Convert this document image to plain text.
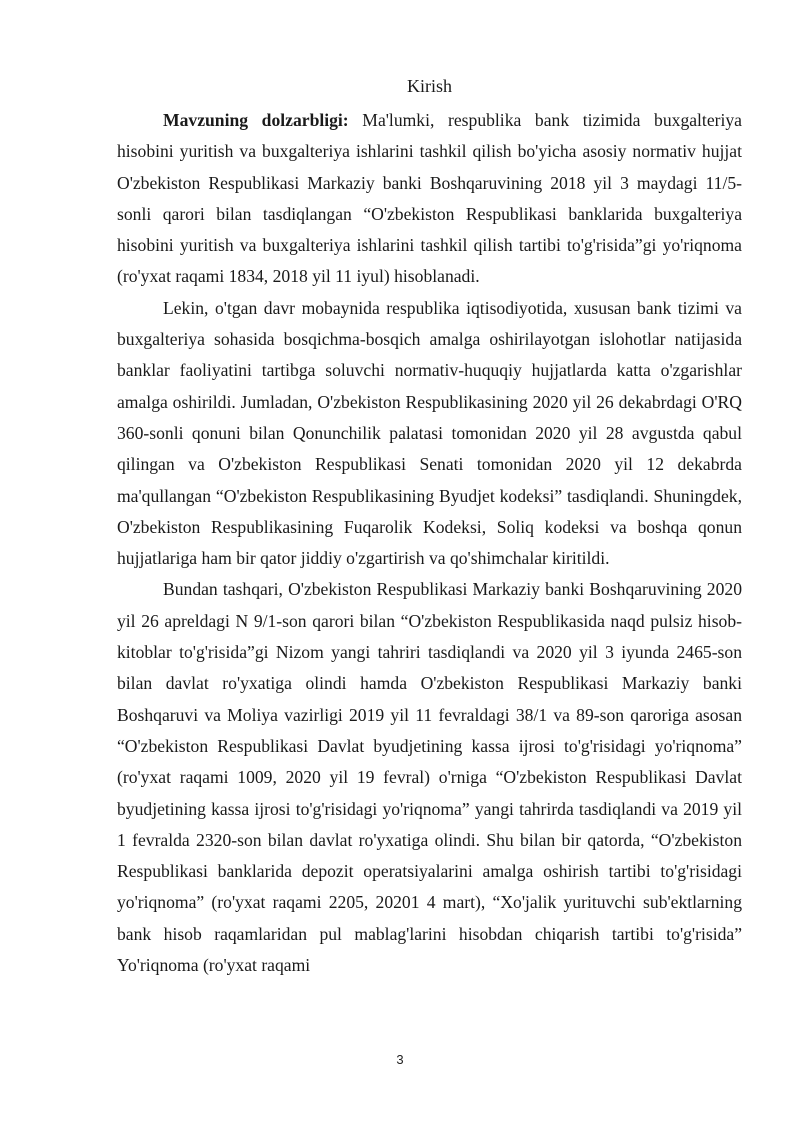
Kirish

Mavzuning dolzarbligi: Ma'lumki, respublika bank tizimida buxgalteriya hisobini yuritish va buxgalteriya ishlarini tashkil qilish bo'yicha asosiy normativ hujjat O'zbekiston Respublikasi Markaziy banki Boshqaruvining 2018 yil 3 maydagi 11/5-sonli qarori bilan tasdiqlangan “O'zbekiston Respublikasi banklarida buxgalteriya hisobini yuritish va buxgalteriya ishlarini tashkil qilish tartibi to'g'risida”gi yo'riqnoma (ro'yxat raqami 1834, 2018 yil 11 iyul) hisoblanadi.

Lekin, o'tgan davr mobaynida respublika iqtisodiyotida, xususan bank tizimi va buxgalteriya sohasida bosqichma-bosqich amalga oshirilayotgan islohotlar natijasida banklar faoliyatini tartibga soluvchi normativ-huquqiy hujjatlarda katta o'zgarishlar amalga oshirildi. Jumladan, O'zbekiston Respublikasining 2020 yil 26 dekabrdagi O'RQ 360-sonli qonuni bilan Qonunchilik palatasi tomonidan 2020 yil 28 avgustda qabul qilingan va O'zbekiston Respublikasi Senati tomonidan 2020 yil 12 dekabrda ma'qullangan “O'zbekiston Respublikasining Byudjet kodeksi” tasdiqlandi. Shuningdek, O'zbekiston Respublikasining Fuqarolik Kodeksi, Soliq kodeksi va boshqa qonun hujjatlariga ham bir qator jiddiy o'zgartirish va qo'shimchalar kiritildi.

Bundan tashqari, O'zbekiston Respublikasi Markaziy banki Boshqaruvining 2020 yil 26 apreldagi N 9/1-son qarori bilan “O'zbekiston Respublikasida naqd pulsiz hisob-kitoblar to'g'risida”gi Nizom yangi tahriri tasdiqlandi va 2020 yil 3 iyunda 2465-son bilan davlat ro'yxatiga olindi hamda O'zbekiston Respublikasi Markaziy banki Boshqaruvi va Moliya vazirligi 2019 yil 11 fevraldagi 38/1 va 89-son qaroriga asosan “O'zbekiston Respublikasi Davlat byudjetining kassa ijrosi to'g'risidagi yo'riqnoma” (ro'yxat raqami 1009, 2020 yil 19 fevral) o'rniga “O'zbekiston Respublikasi Davlat byudjetining kassa ijrosi to'g'risidagi yo'riqnoma” yangi tahrirda tasdiqlandi va 2019 yil 1 fevralda 2320-son bilan davlat ro'yxatiga olindi. Shu bilan bir qatorda, “O'zbekiston Respublikasi banklarida depozit operatsiyalarini amalga oshirish tartibi to'g'risidagi yo'riqnoma” (ro'yxat raqami 2205, 20201 4 mart), “Xo'jalik yurituvchi sub'ektlarning bank hisob raqamlaridan pul mablag'larini hisobdan chiqarish tartibi to'g'risida” Yo'riqnoma (ro'yxat raqami

3
